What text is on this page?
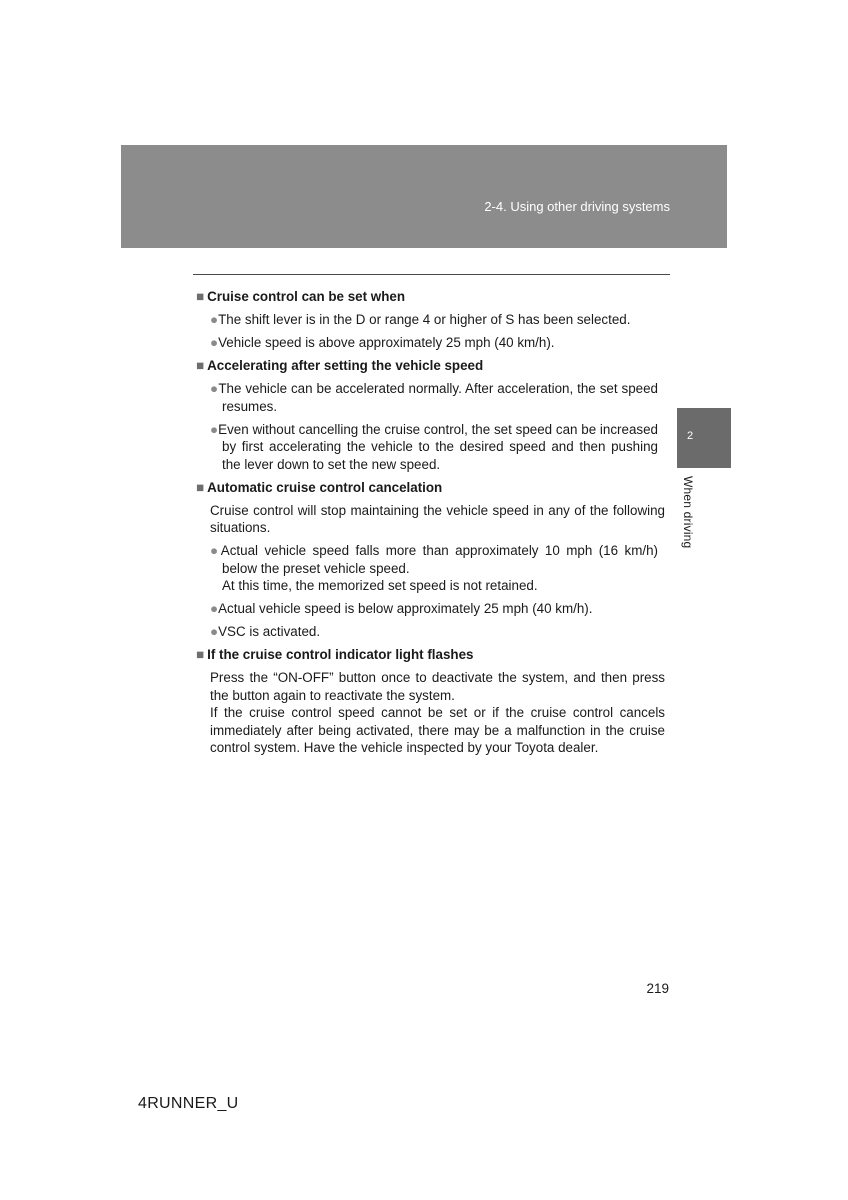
2-4. Using other driving systems
2
When driving
■ Cruise control can be set when
●The shift lever is in the D or range 4 or higher of S has been selected.
●Vehicle speed is above approximately 25 mph (40 km/h).
■ Accelerating after setting the vehicle speed
●The vehicle can be accelerated normally. After acceleration, the set speed resumes.
●Even without cancelling the cruise control, the set speed can be increased by first accelerating the vehicle to the desired speed and then pushing the lever down to set the new speed.
■ Automatic cruise control cancelation
Cruise control will stop maintaining the vehicle speed in any of the following situations.
●Actual vehicle speed falls more than approximately 10 mph (16 km/h) below the preset vehicle speed.
At this time, the memorized set speed is not retained.
●Actual vehicle speed is below approximately 25 mph (40 km/h).
●VSC is activated.
■ If the cruise control indicator light flashes
Press the “ON-OFF” button once to deactivate the system, and then press the button again to reactivate the system.
If the cruise control speed cannot be set or if the cruise control cancels immediately after being activated, there may be a malfunction in the cruise control system. Have the vehicle inspected by your Toyota dealer.
219
4RUNNER_U
